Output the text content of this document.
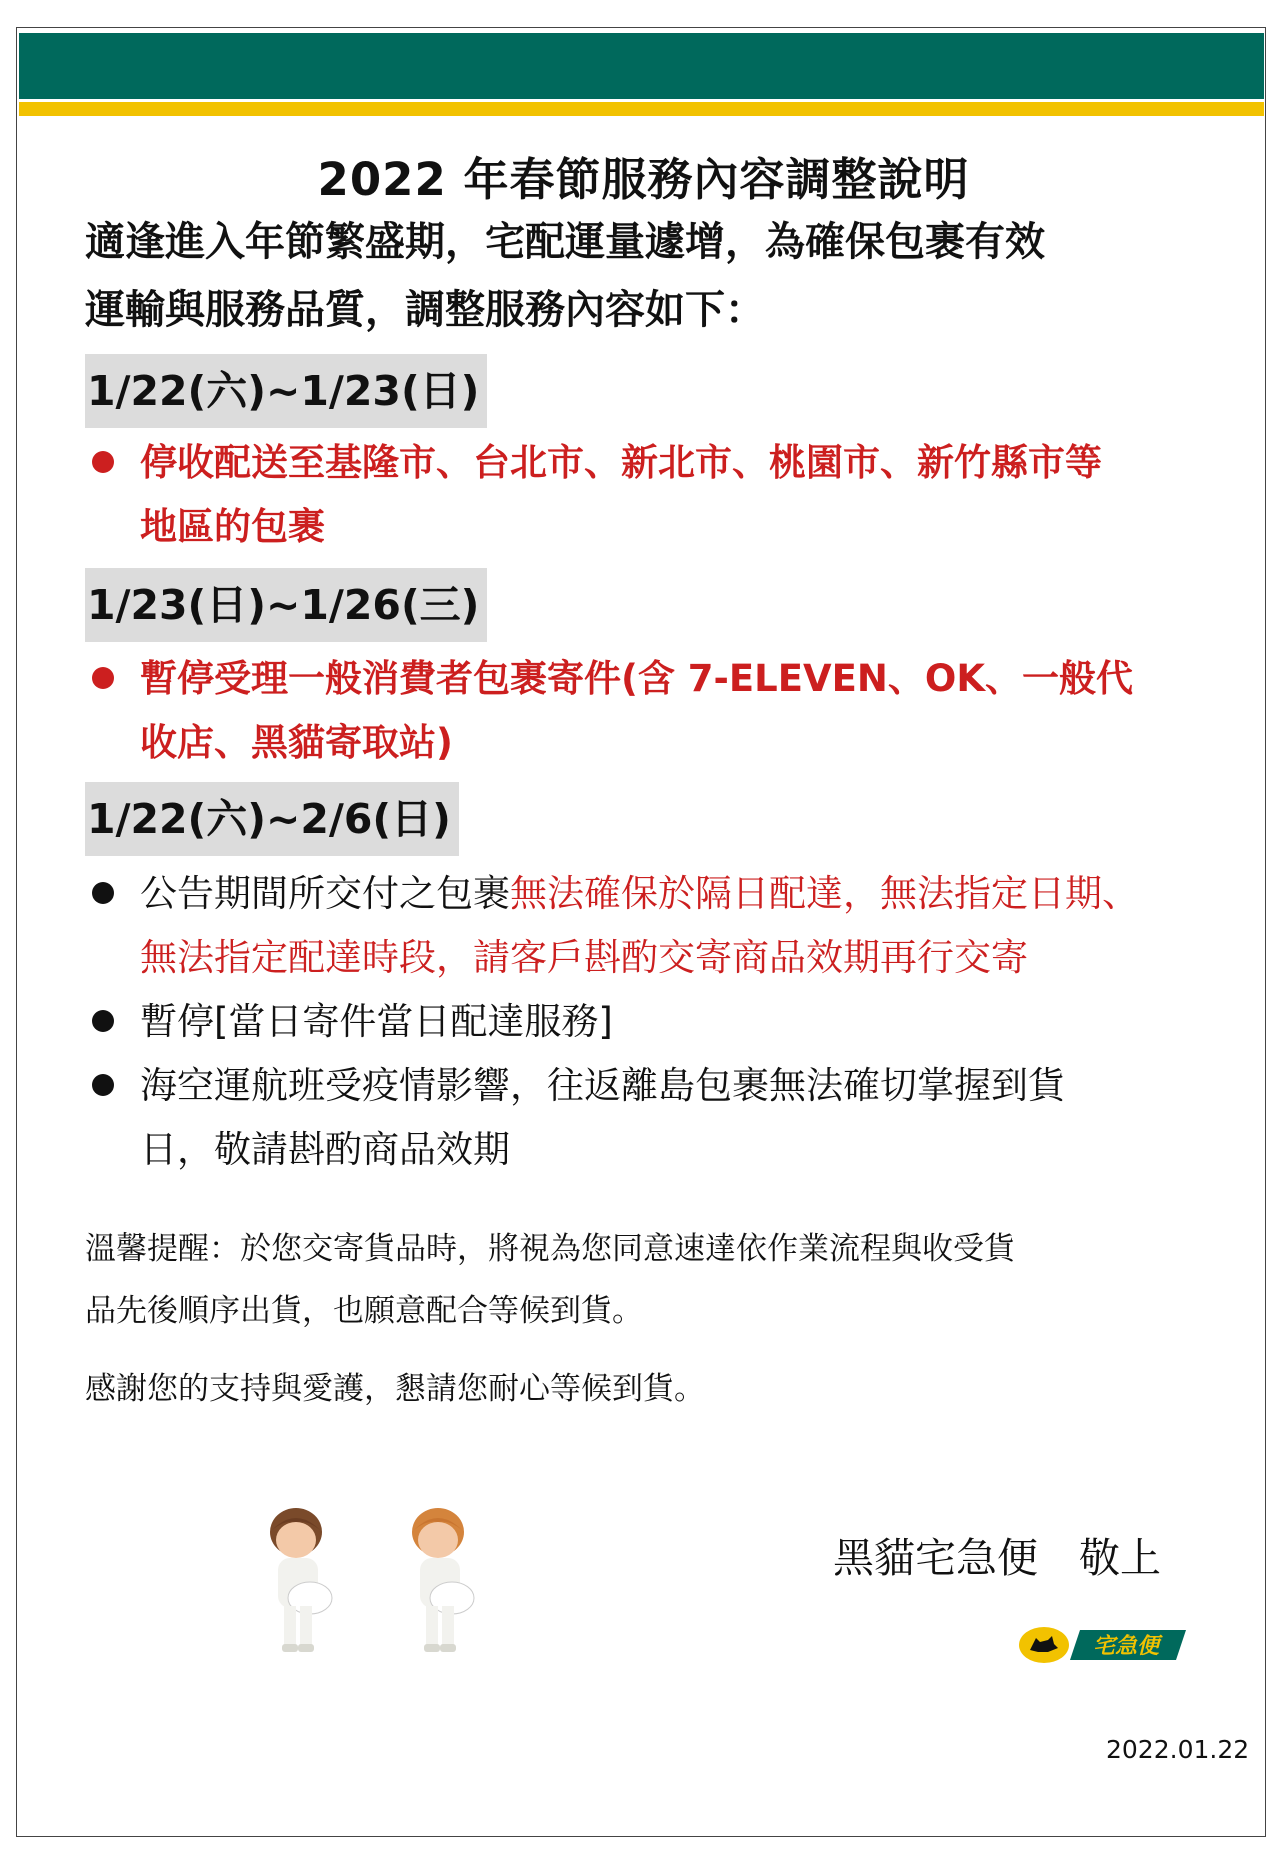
2022 年春節服務內容調整說明
適逢進入年節繁盛期，宅配運量遽增，為確保包裹有效
運輸與服務品質，調整服務內容如下：
1/22(六)~1/23(日)
停收配送至基隆市、台北市、新北市、桃園市、新竹縣市等
地區的包裹
1/23(日)~1/26(三)
暫停受理一般消費者包裹寄件(含 7-ELEVEN、OK、一般代
收店、黑貓寄取站)
1/22(六)~2/6(日)
公告期間所交付之包裹無法確保於隔日配達，無法指定日期、
無法指定配達時段，請客戶斟酌交寄商品效期再行交寄
暫停[當日寄件當日配達服務]
海空運航班受疫情影響，往返離島包裹無法確切掌握到貨
日，敬請斟酌商品效期
溫馨提醒：於您交寄貨品時，將視為您同意速達依作業流程與收受貨
品先後順序出貨，也願意配合等候到貨。
感謝您的支持與愛護，懇請您耐心等候到貨。
黑貓宅急便　敬上
宅急便
2022.01.22
